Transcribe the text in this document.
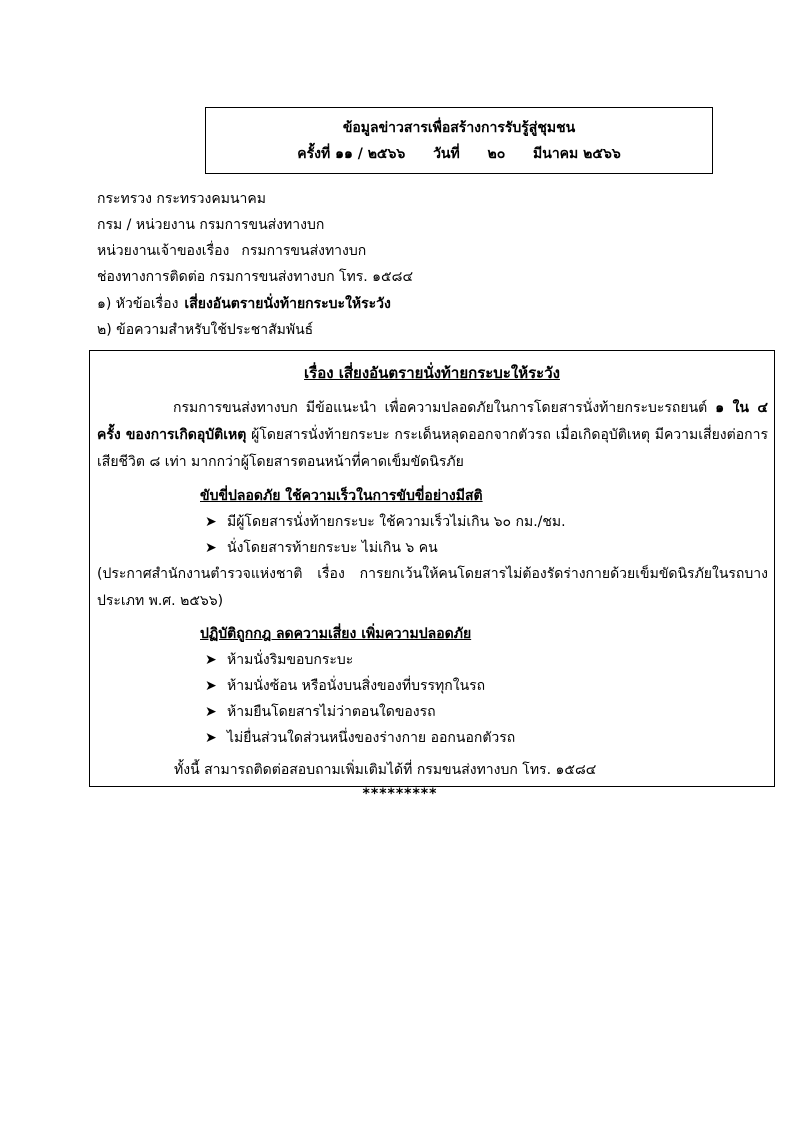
ข้อมูลข่าวสารเพื่อสร้างการรับรู้สู่ชุมชน
ครั้งที่ ๑๑ / ๒๕๖๖ วันที่ ๒๐ มีนาคม ๒๕๖๖
กระทรวง กระทรวงคมนาคม
กรม / หน่วยงาน กรมการขนส่งทางบก
หน่วยงานเจ้าของเรื่อง กรมการขนส่งทางบก
ช่องทางการติดต่อ กรมการขนส่งทางบก โทร. ๑๕๘๔
๑) หัวข้อเรื่อง เสี่ยงอันตรายนั่งท้ายกระบะให้ระวัง
๒) ข้อความสำหรับใช้ประชาสัมพันธ์
เรื่อง เสี่ยงอันตรายนั่งท้ายกระบะให้ระวัง
กรมการขนส่งทางบก มีข้อแนะนำ เพื่อความปลอดภัยในการโดยสารนั่งท้ายกระบะรถยนต์ ๑ ใน ๔ ครั้ง ของการเกิดอุบัติเหตุ ผู้โดยสารนั่งท้ายกระบะ กระเด็นหลุดออกจากตัวรถ เมื่อเกิดอุบัติเหตุ มีความเสี่ยงต่อการเสียชีวิต ๘ เท่า มากกว่าผู้โดยสารตอนหน้าที่คาดเข็มขัดนิรภัย
ขับขี่ปลอดภัย ใช้ความเร็วในการขับขี่อย่างมีสติ
➤ มีผู้โดยสารนั่งท้ายกระบะ ใช้ความเร็วไม่เกิน ๖๐ กม./ชม.
➤ นั่งโดยสารท้ายกระบะ ไม่เกิน ๖ คน
(ประกาศสำนักงานตำรวจแห่งชาติ เรื่อง การยกเว้นให้คนโดยสารไม่ต้องรัดร่างกายด้วยเข็มขัดนิรภัยในรถบางประเภท พ.ศ. ๒๕๖๖)
ปฏิบัติถูกกฎ ลดความเสี่ยง เพิ่มความปลอดภัย
➤ ห้ามนั่งริมขอบกระบะ
➤ ห้ามนั่งซ้อน หรือนั่งบนสิ่งของที่บรรทุกในรถ
➤ ห้ามยืนโดยสารไม่ว่าตอนใดของรถ
➤ ไม่ยื่นส่วนใดส่วนหนึ่งของร่างกาย ออกนอกตัวรถ
ทั้งนี้ สามารถติดต่อสอบถามเพิ่มเติมได้ที่ กรมขนส่งทางบก โทร. ๑๕๘๔
*********
